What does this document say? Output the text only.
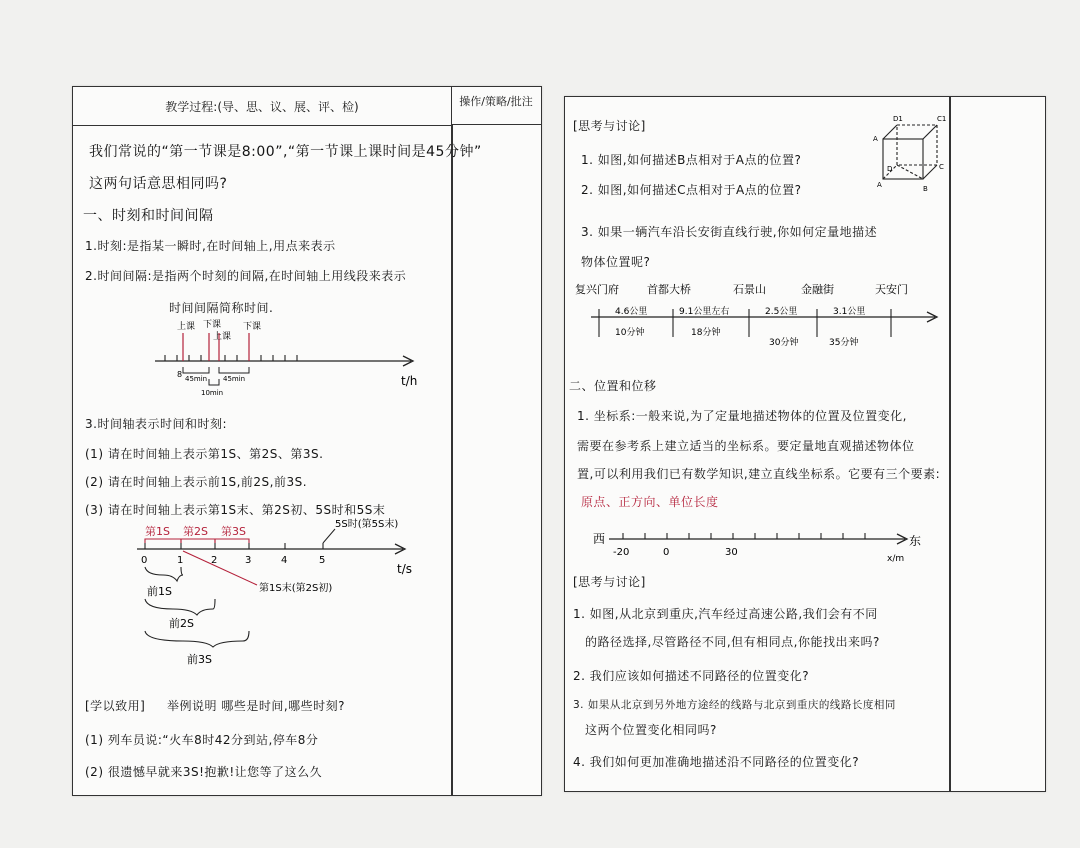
教学过程:(导、思、议、展、评、检)	操作/策略/批注
我们常说的“第一节课是8:00”,“第一节课上课时间是45分钟”
这两句话意思相同吗?
一、时刻和时间间隔
1.时刻:是指某一瞬时,在时间轴上,用点来表示
2.时间间隔:是指两个时刻的间隔,在时间轴上用线段来表示
时间间隔简称时间.
上课 下课
上课
下课
8 45min 45min
10min
t/h
3.时间轴表示时间和时刻:
(1) 请在时间轴上表示第1S、第2S、第3S.
(2) 请在时间轴上表示前1S,前2S,前3S.
(3) 请在时间轴上表示第1S末、第2S初、5S时和5S末
第1S 第2S 第3S
0	1	2	3	4	5
5S时(第5S末)
第1S末(第2S初)
t/s
前1S
前2S
前3S
[学以致用] 举例说明 哪些是时间,哪些时刻?
(1) 列车员说:“火车8时42分到站,停车8分
(2) 很遗憾早就来3S!抱歉!让您等了这么久
[思考与讨论]
1. 如图,如何描述B点相对于A点的位置?
2. 如图,如何描述C点相对于A点的位置?
3. 如果一辆汽车沿长安街直线行驶,你如何定量地描述
物体位置呢?
D1	C1
A
D	C
A	B
复兴门府	首都大桥	石景山	金融街	天安门
4.6公里	9.1公里左右	2.5公里	3.1公里
10分钟	18分钟
30分钟	35分钟
二、位置和位移
1. 坐标系:一般来说,为了定量地描述物体的位置及位置变化,
需要在参考系上建立适当的坐标系。要定量地直观描述物体位
置,可以利用我们已有数学知识,建立直线坐标系。它要有三个要素:
原点、正方向、单位长度
西	东
-20	0	30
x/m
[思考与讨论]
1. 如图,从北京到重庆,汽车经过高速公路,我们会有不同
的路径选择,尽管路径不同,但有相同点,你能找出来吗?
2. 我们应该如何描述不同路径的位置变化?
3. 如果从北京到另外地方途经的线路与北京到重庆的线路长度相同
这两个位置变化相同吗?
4. 我们如何更加准确地描述沿不同路径的位置变化?
